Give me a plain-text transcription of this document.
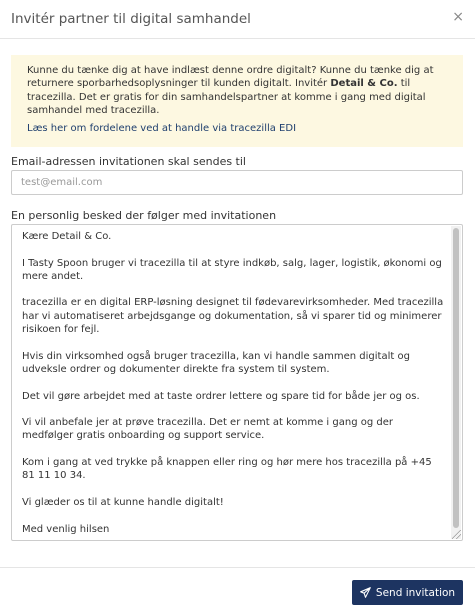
Invitér partner til digital samhandel	×

Kunne du tænke dig at have indlæst denne ordre digitalt? Kunne du tænke dig at returnere sporbarhedsoplysninger til kunden digitalt. Invitér Detail & Co. til tracezilla. Det er gratis for din samhandelspartner at komme i gang med digital samhandel med tracezilla.

Læs her om fordelene ved at handle via tracezilla EDI
Email-adressen invitationen skal sendes til
test@email.com
En personlig besked der følger med invitationen
Kære Detail & Co.

I Tasty Spoon bruger vi tracezilla til at styre indkøb, salg, lager, logistik, økonomi og mere andet.

tracezilla er en digital ERP-løsning designet til fødevarevirksomheder. Med tracezilla har vi automatiseret arbejdsgange og dokumentation, så vi sparer tid og minimerer risikoen for fejl.

Hvis din virksomhed også bruger tracezilla, kan vi handle sammen digitalt og udveksle ordrer og dokumenter direkte fra system til system.

Det vil gøre arbejdet med at taste ordrer lettere og spare tid for både jer og os.

Vi vil anbefale jer at prøve tracezilla. Det er nemt at komme i gang og der medfølger gratis onboarding og support service.

Kom i gang at ved trykke på knappen eller ring og hør mere hos tracezilla på +45 81 11 10 34.

Vi glæder os til at kunne handle digitalt!

Med venlig hilsen
Send invitation
